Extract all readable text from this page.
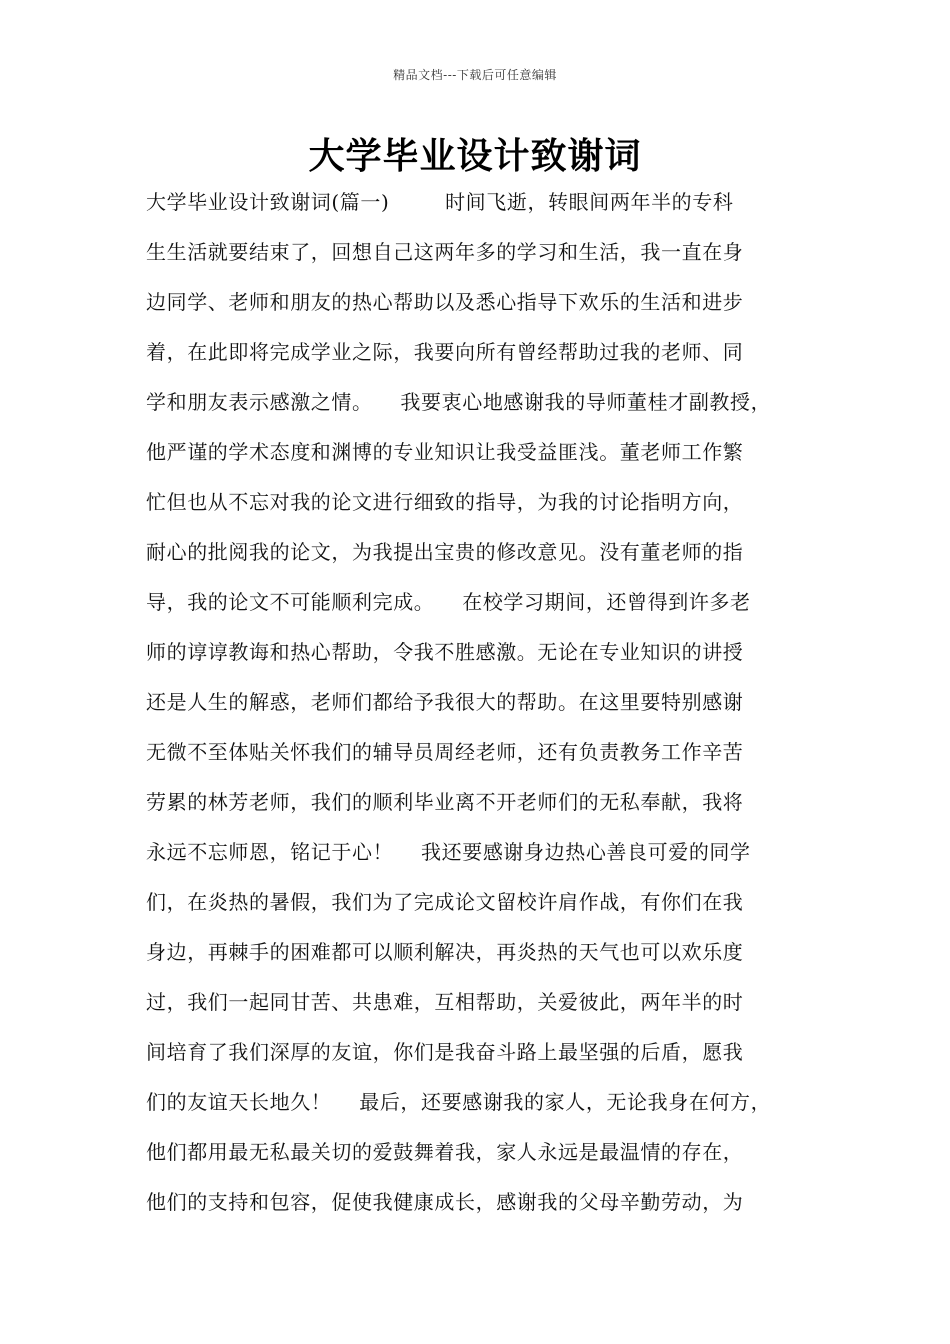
精品文档---下载后可任意编辑
大学毕业设计致谢词
大学毕业设计致谢词(篇一)        时间飞逝，转眼间两年半的专科
生生活就要结束了，回想自己这两年多的学习和生活，我一直在身
边同学、老师和朋友的热心帮助以及悉心指导下欢乐的生活和进步
着，在此即将完成学业之际，我要向所有曾经帮助过我的老师、同
学和朋友表示感激之情。    我要衷心地感谢我的导师董桂才副教授，
他严谨的学术态度和渊博的专业知识让我受益匪浅。董老师工作繁
忙但也从不忘对我的论文进行细致的指导，为我的讨论指明方向，
耐心的批阅我的论文，为我提出宝贵的修改意见。没有董老师的指
导，我的论文不可能顺利完成。    在校学习期间，还曾得到许多老
师的谆谆教诲和热心帮助，令我不胜感激。无论在专业知识的讲授
还是人生的解惑，老师们都给予我很大的帮助。在这里要特别感谢
无微不至体贴关怀我们的辅导员周经老师，还有负责教务工作辛苦
劳累的林芳老师，我们的顺利毕业离不开老师们的无私奉献，我将
永远不忘师恩，铭记于心！    我还要感谢身边热心善良可爱的同学
们，在炎热的暑假，我们为了完成论文留校许肩作战，有你们在我
身边，再棘手的困难都可以顺利解决，再炎热的天气也可以欢乐度
过，我们一起同甘苦、共患难，互相帮助，关爱彼此，两年半的时
间培育了我们深厚的友谊，你们是我奋斗路上最坚强的后盾，愿我
们的友谊天长地久！    最后，还要感谢我的家人，无论我身在何方，
他们都用最无私最关切的爱鼓舞着我，家人永远是最温情的存在，
他们的支持和包容，促使我健康成长，感谢我的父母辛勤劳动，为
